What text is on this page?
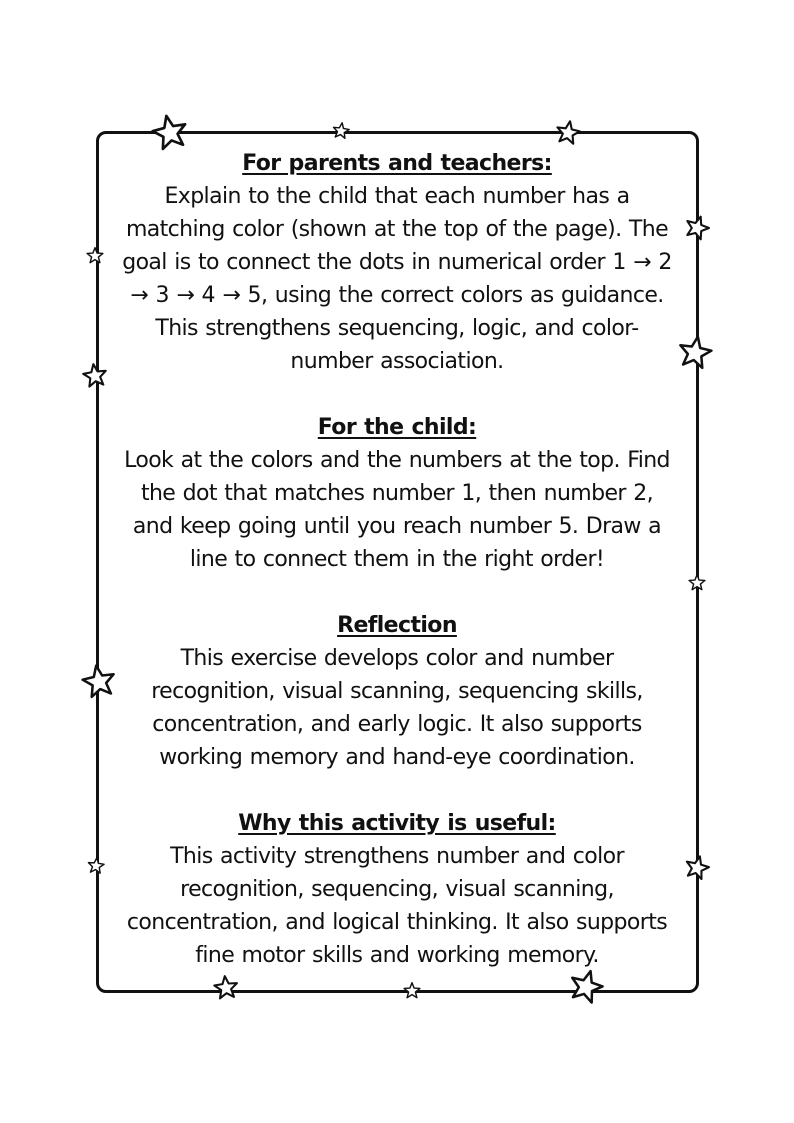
For parents and teachers:

Explain to the child that each number has a

matching color (shown at the top of the page). The

goal is to connect the dots in numerical order 1 → 2

→ 3 → 4 → 5, using the correct colors as guidance.

This strengthens sequencing, logic, and color-

number association.

For the child:

Look at the colors and the numbers at the top. Find

the dot that matches number 1, then number 2,

and keep going until you reach number 5. Draw a

line to connect them in the right order!

Reflection

This exercise develops color and number

recognition, visual scanning, sequencing skills,

concentration, and early logic. It also supports

working memory and hand-eye coordination.

Why this activity is useful:

This activity strengthens number and color

recognition, sequencing, visual scanning,

concentration, and logical thinking. It also supports

fine motor skills and working memory.
